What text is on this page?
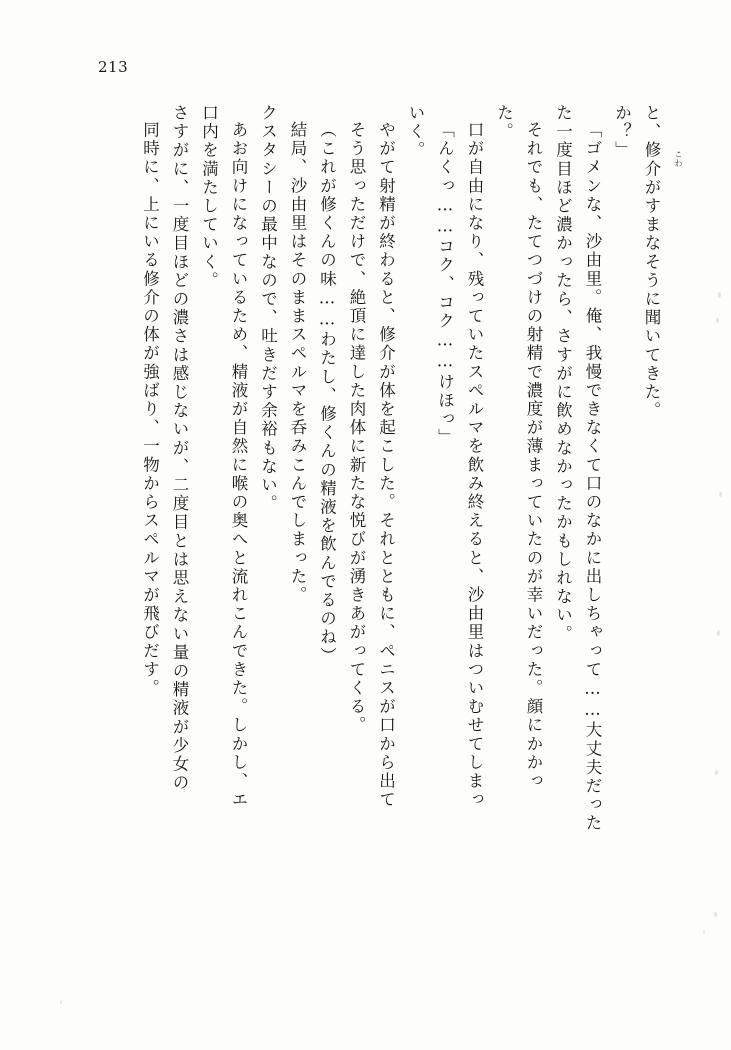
213
こわ
同時に、上にいる修介の体が強ばり、一物からスペルマが飛びだす。 さすがに、一度目ほどの濃さは感じないが、二度目とは思えない量の精液が少女の 口内を満たしていく。 あお向けになっているため、精液が自然に喉の奥へと流れこんできた。しかし、エ クスタシーの最中なので、吐きだす余裕もない。 結局、沙由里はそのままスペルマを呑みこんでしまった。 （これが修くんの味……わたし、修くんの精液を飲んでるのね） そう思っただけで、絶頂に達した肉体に新たな悦びが湧きあがってくる。 やがて射精が終わると、修介が体を起こした。それとともに、ペニスが口から出て いく。 「んくっ……コク、コク……けほっ」 口が自由になり、残っていたスペルマを飲み終えると、沙由里はついむせてしまっ た。 それでも、たてつづけの射精で濃度が薄まっていたのが幸いだった。顔にかかっ た一度目ほど濃かったら、さすがに飲めなかったかもしれない。 「ゴメンな、沙由里。俺、我慢できなくて口のなかに出しちゃって……大丈夫だった か？」 と、修介がすまなそうに聞いてきた。
